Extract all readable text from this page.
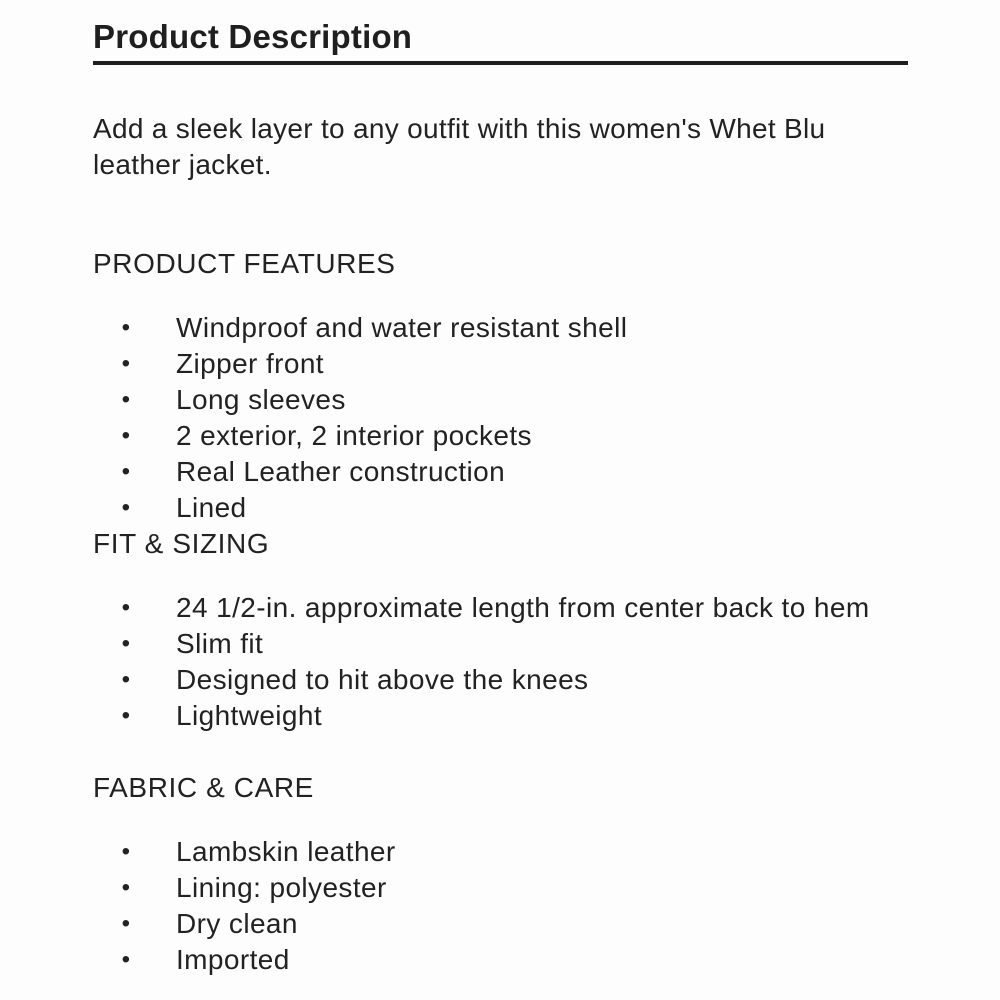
Product Description

Add a sleek layer to any outfit with this women's Whet Blu leather jacket.

PRODUCT FEATURES
• Windproof and water resistant shell
• Zipper front
• Long sleeves
• 2 exterior, 2 interior pockets
• Real Leather construction
• Lined
FIT & SIZING
• 24 1/2-in. approximate length from center back to hem
• Slim fit
• Designed to hit above the knees
• Lightweight
FABRIC & CARE
• Lambskin leather
• Lining: polyester
• Dry clean
• Imported
